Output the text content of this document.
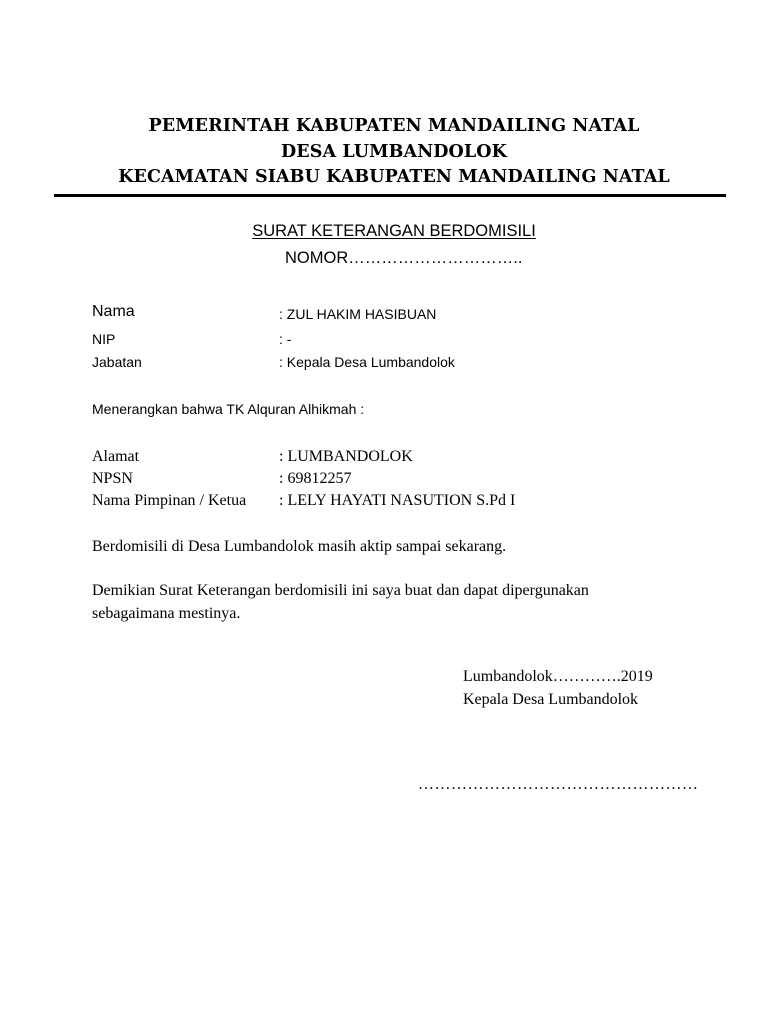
PEMERINTAH KABUPATEN MANDAILING NATAL
DESA LUMBANDOLOK
KECAMATAN SIABU KABUPATEN MANDAILING NATAL
SURAT KETERANGAN BERDOMISILI
NOMOR…………………………..
Nama	: ZUL HAKIM HASIBUAN
NIP	: -
Jabatan	: Kepala Desa Lumbandolok
Menerangkan bahwa TK Alquran Alhikmah :
Alamat	: LUMBANDOLOK
NPSN	: 69812257
Nama Pimpinan / Ketua : LELY HAYATI NASUTION S.Pd I
Berdomisili di Desa Lumbandolok masih aktip sampai sekarang.
Demikian Surat Keterangan berdomisili ini saya buat dan dapat dipergunakan
sebagaimana mestinya.
Lumbandolok………….2019
Kepala Desa Lumbandolok
……………………………………………
